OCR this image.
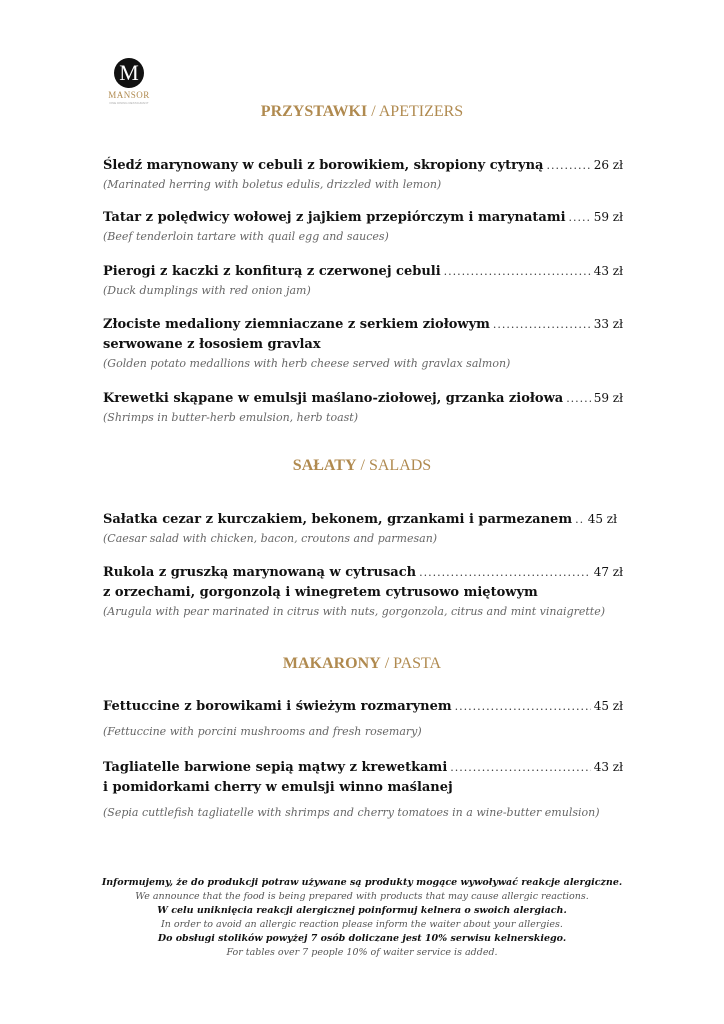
M
MANSOR
FINE DINING RESTAURANT	PRZYSTAWKI / APETIZERS
Śledź marynowany w cebuli z borowikiem, skropiony cytryną .....	26 zł
(Marinated herring with boletus edulis, drizzled with lemon)
Tatar z polędwicy wołowej z jajkiem przepiórczym i marynatami ..... 59 zł
(Beef tenderloin tartare with quail egg and sauces)
Pierogi z kaczki z konfiturą z czerwonej cebuli .....	43 zł
(Duck dumplings with red onion jam)
Złociste medaliony ziemniaczane z serkiem ziołowym .....	33 zł
serwowane z łososiem gravlax
(Golden potato medallions with herb cheese served with gravlax salmon)
Krewetki skąpane w emulsji maślano-ziołowej, grzanka ziołowa .....	59 zł
(Shrimps in butter-herb emulsion, herb toast)
SAŁATY / SALADS
Sałatka cezar z kurczakiem, bekonem, grzankami i parmezanem ..... 45 zł
(Caesar salad with chicken, bacon, croutons and parmesan)
Rukola z gruszką marynowaną w cytrusach .....	47 zł
z orzechami, gorgonzolą i winegretem cytrusowo miętowym
(Arugula with pear marinated in citrus with nuts, gorgonzola, citrus and mint vinaigrette)
MAKARONY / PASTA
Fettuccine z borowikami i świeżym rozmarynem .....	45 zł
(Fettuccine with porcini mushrooms and fresh rosemary)
Tagliatelle barwione sepią mątwy z krewetkami .....	43 zł
i pomidorkami cherry w emulsji winno maślanej
(Sepia cuttlefish tagliatelle with shrimps and cherry tomatoes in a wine-butter emulsion)
Informujemy, że do produkcji potraw używane są produkty mogące wywoływać reakcje alergiczne.
We announce that the food is being prepared with products that may cause allergic reactions.
W celu uniknięcia reakcji alergicznej poinformuj kelnera o swoich alergiach.
In order to avoid an allergic reaction please inform the waiter about your allergies.
Do obsługi stolików powyżej 7 osób doliczane jest 10% serwisu kelnerskiego.
For tables over 7 people 10% of waiter service is added.
